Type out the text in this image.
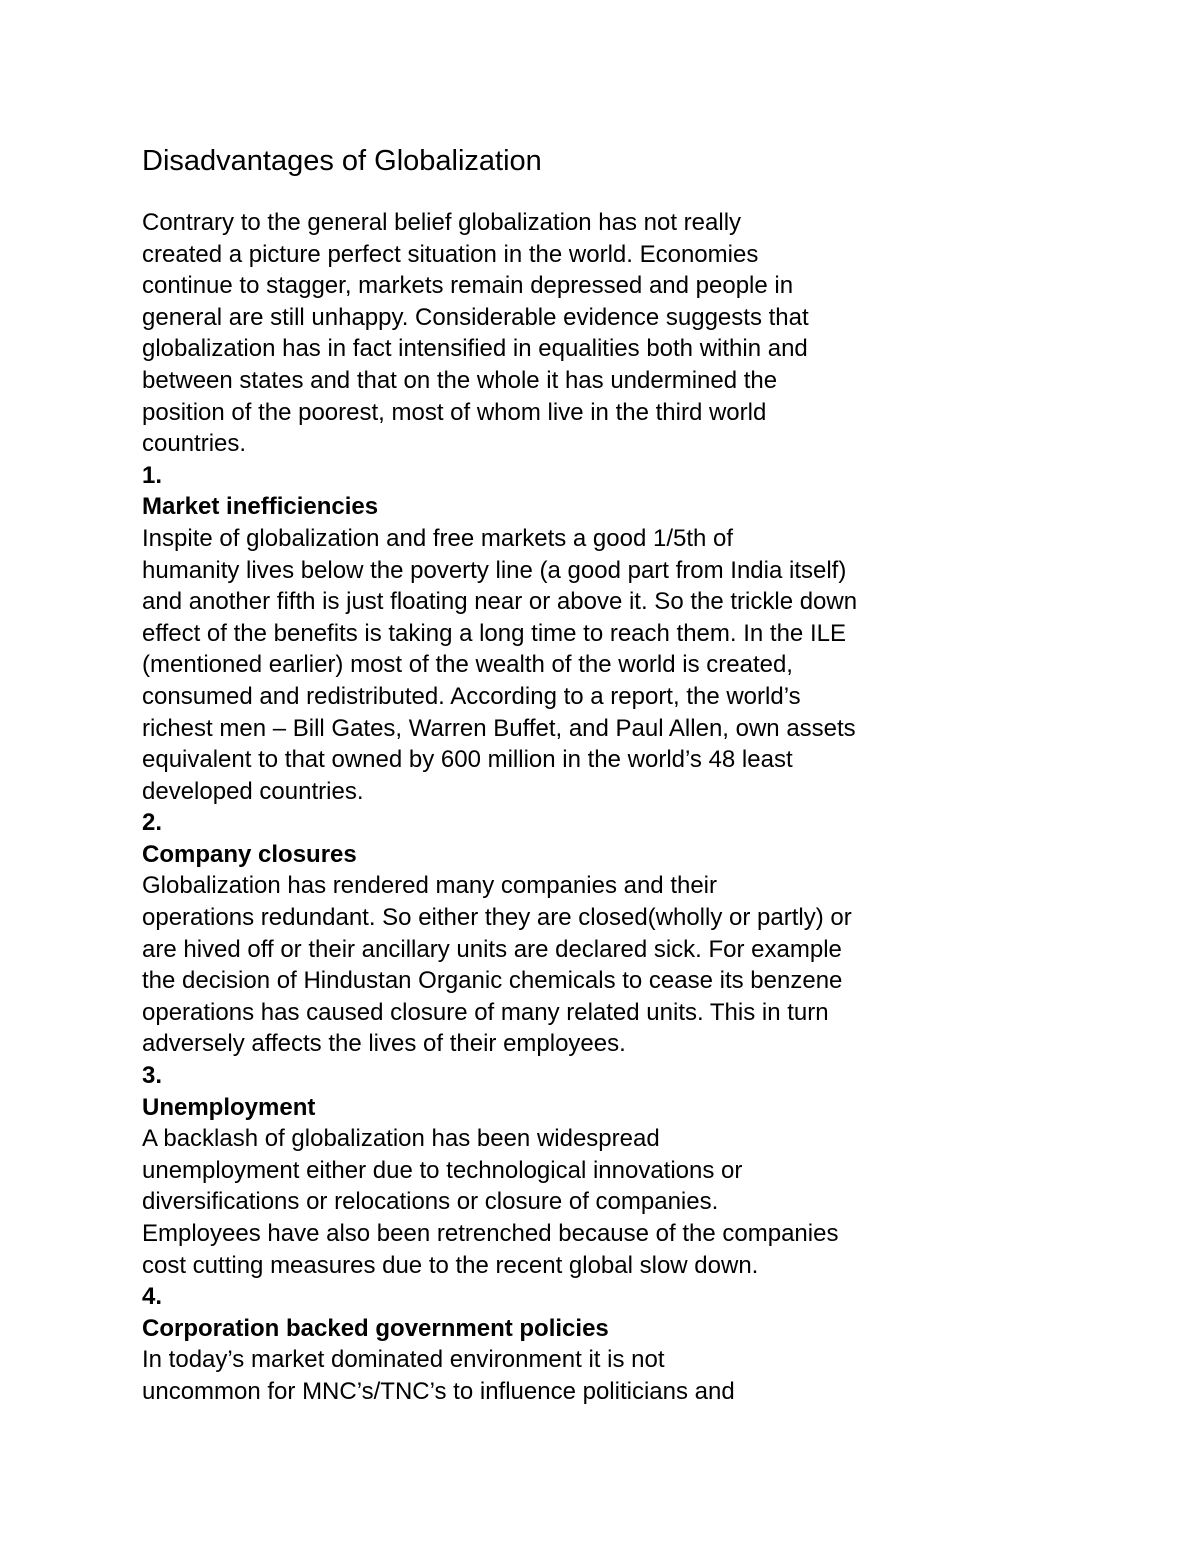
Disadvantages of Globalization
Contrary to the general belief globalization has not really
created a picture perfect situation in the world. Economies
continue to stagger, markets remain depressed and people in
general are still unhappy. Considerable evidence suggests that
globalization has in fact intensified in equalities both within and
between states and that on the whole it has undermined the
position of the poorest, most of whom live in the third world
countries.
1.
Market inefficiencies
Inspite of globalization and free markets a good 1/5th of
humanity lives below the poverty line (a good part from India itself)
and another fifth is just floating near or above it. So the trickle down
effect of the benefits is taking a long time to reach them. In the ILE
(mentioned earlier) most of the wealth of the world is created,
consumed and redistributed. According to a report, the world’s
richest men – Bill Gates, Warren Buffet, and Paul Allen, own assets
equivalent to that owned by 600 million in the world’s 48 least
developed countries.
2.
Company closures
Globalization has rendered many companies and their
operations redundant. So either they are closed(wholly or partly) or
are hived off or their ancillary units are declared sick. For example
the decision of Hindustan Organic chemicals to cease its benzene
operations has caused closure of many related units. This in turn
adversely affects the lives of their employees.
3.
Unemployment
A backlash of globalization has been widespread
unemployment either due to technological innovations or
diversifications or relocations or closure of companies.
Employees have also been retrenched because of the companies
cost cutting measures due to the recent global slow down.
4.
Corporation backed government policies
In today’s market dominated environment it is not
uncommon for MNC’s/TNC’s to influence politicians and
